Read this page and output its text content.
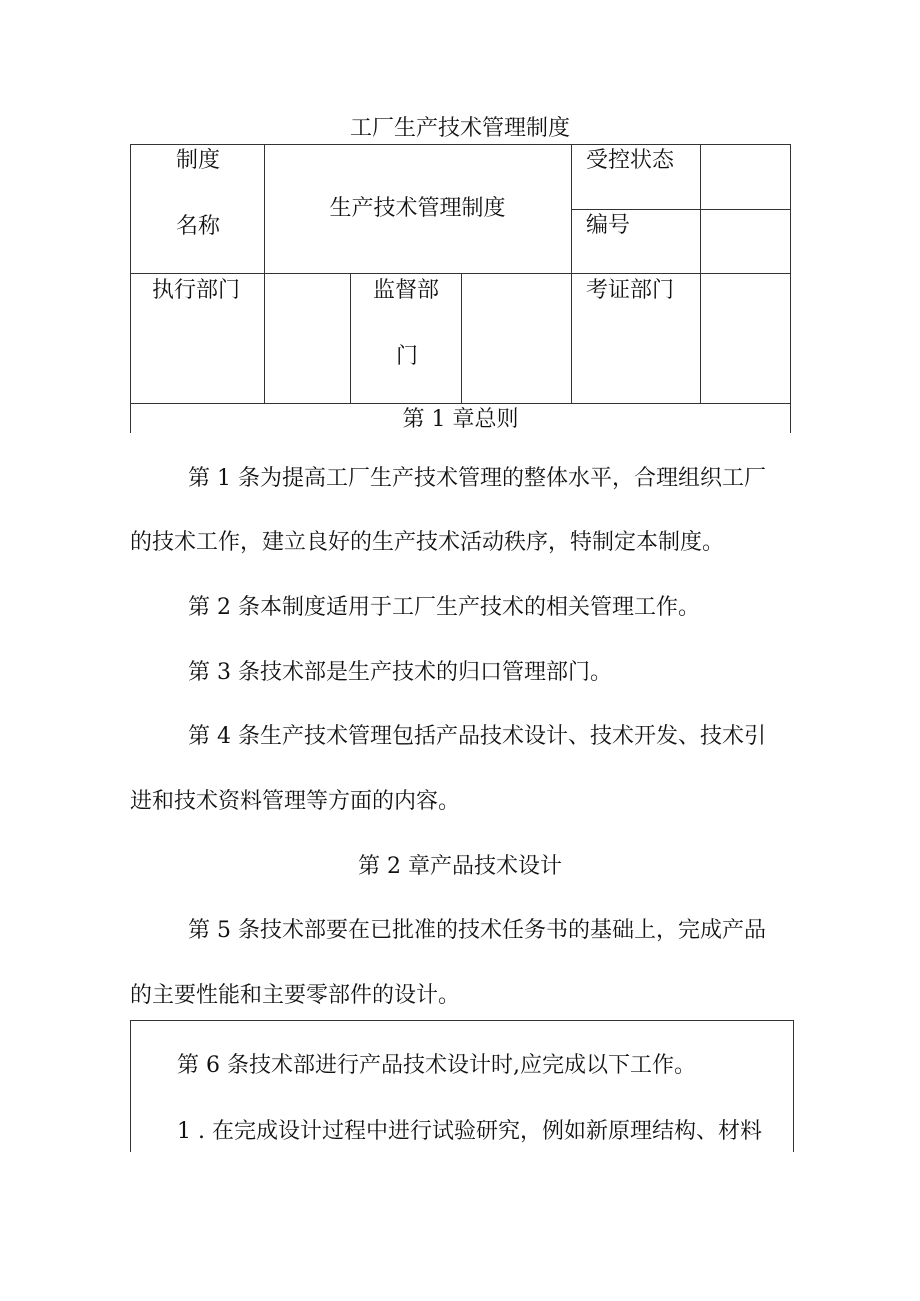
工厂生产技术管理制度
制度
名称
生产技术管理制度
受控状态
编号
执行部门	监督部
门
考证部门
第 1 章总则
第 1 条为提高工厂生产技术管理的整体水平，合理组织工厂
的技术工作，建立良好的生产技术活动秩序，特制定本制度。
第 2 条本制度适用于工厂生产技术的相关管理工作。
第 3 条技术部是生产技术的归口管理部门。
第 4 条生产技术管理包括产品技术设计、技术开发、技术引
进和技术资料管理等方面的内容。
第 2 章产品技术设计
第 5 条技术部要在已批准的技术任务书的基础上，完成产品
的主要性能和主要零部件的设计。
第 6 条技术部进行产品技术设计时,应完成以下工作。
1 . 在完成设计过程中进行试验研究，例如新原理结构、材料
